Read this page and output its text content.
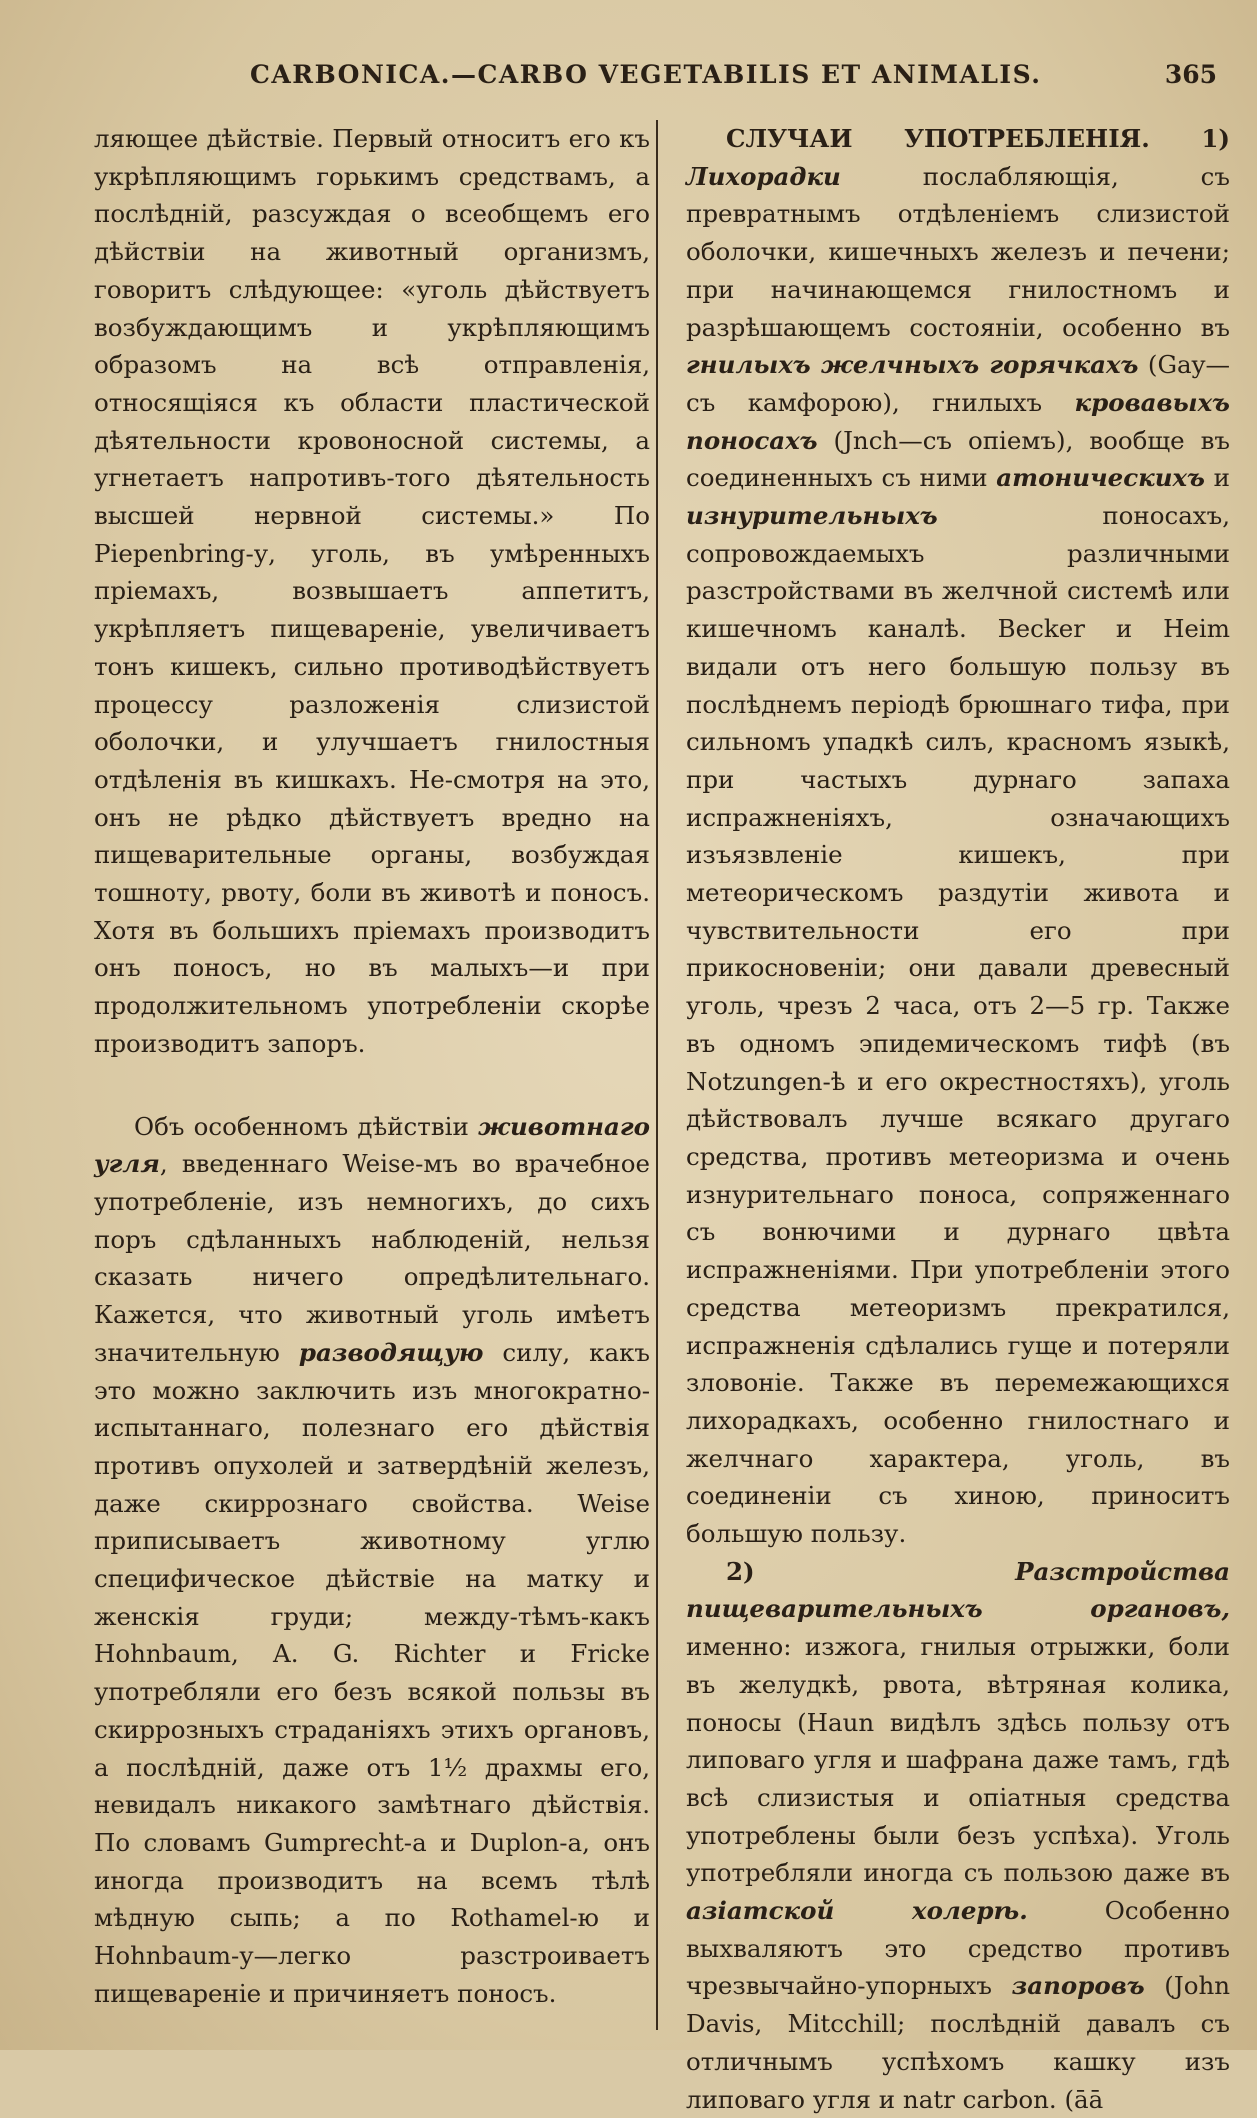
CARBONICA.—CARBO VEGETABILIS ET ANIMALIS.	365

ляющее дѣйствіе. Первый относитъ его къ укрѣпляющимъ горькимъ средствамъ, а послѣдній, разсуждая о всеобщемъ его дѣйствіи на животный организмъ, говоритъ слѣдующее: «уголь дѣйствуетъ возбуждающимъ и укрѣпляющимъ образомъ на всѣ отправленія, относящіяся къ области пластической дѣятельности кровоносной системы, а угнетаетъ напротивъ-того дѣятельность высшей нервной системы.» По Piepenbring-у, уголь, въ умѣренныхъ пріемахъ, возвышаетъ аппетитъ, укрѣпляетъ пищевареніе, увеличиваетъ тонъ кишекъ, сильно противодѣйствуетъ процессу разложенія слизистой оболочки, и улучшаетъ гнилостныя отдѣленія въ кишкахъ. Не-смотря на это, онъ не рѣдко дѣйствуетъ вредно на пищеварительные органы, возбуждая тошноту, рвоту, боли въ животѣ и поносъ. Хотя въ большихъ пріемахъ производитъ онъ поносъ, но въ малыхъ—и при продолжительномъ употребленіи скорѣе производитъ запоръ.

Объ особенномъ дѣйствіи животнаго угля, введеннаго Weise-мъ во врачебное употребленіе, изъ немногихъ, до сихъ поръ сдѣланныхъ наблюденій, нельзя сказать ничего опредѣлительнаго. Кажется, что животный уголь имѣетъ значительную разводящую силу, какъ это можно заключить изъ многократно-испытаннаго, полезнаго его дѣйствія противъ опухолей и затвердѣній железъ, даже скиррознаго свойства. Weise приписываетъ животному углю специфическое дѣйствіе на матку и женскія груди; между-тѣмъ-какъ Hohnbaum, A. G. Richter и Fricke употребляли его безъ всякой пользы въ скиррозныхъ страданіяхъ этихъ органовъ, а послѣдній, даже отъ 1½ драхмы его, невидалъ никакого замѣтнаго дѣйствія. По словамъ Gumprecht-а и Duplon-а, онъ иногда производитъ на всемъ тѣлѣ мѣдную сыпь; а по Rothamel-ю и Hohnbaum-у—легко разстроиваетъ пищевареніе и причиняетъ поносъ.

СЛУЧАИ УПОТРЕБЛЕНІЯ. 1) Лихорадки послабляющія, съ превратнымъ отдѣленіемъ слизистой оболочки, кишечныхъ железъ и печени; при начинающемся гнилостномъ и разрѣшающемъ состояніи, особенно въ гнилыхъ желчныхъ горячкахъ (Gay—съ камфорою), гнилыхъ кровавыхъ поносахъ (Jnch—съ опіемъ), вообще въ соединенныхъ съ ними атоническихъ и изнурительныхъ поносахъ, сопровождаемыхъ различными разстройствами въ желчной системѣ или кишечномъ каналѣ. Becker и Heim видали отъ него большую пользу въ послѣднемъ періодѣ брюшнаго тифа, при сильномъ упадкѣ силъ, красномъ языкѣ, при частыхъ дурнаго запаха испражненіяхъ, означающихъ изъязвленіе кишекъ, при метеорическомъ раздутіи живота и чувствительности его при прикосновеніи; они давали древесный уголь, чрезъ 2 часа, отъ 2—5 гр. Также въ одномъ эпидемическомъ тифѣ (въ Notzungen-ѣ и его окрестностяхъ), уголь дѣйствовалъ лучше всякаго другаго средства, противъ метеоризма и очень изнурительнаго поноса, сопряженнаго съ вонючими и дурнаго цвѣта испражненіями. При употребленіи этого средства метеоризмъ прекратился, испражненія сдѣлались гуще и потеряли зловоніе. Также въ перемежающихся лихорадкахъ, особенно гнилостнаго и желчнаго характера, уголь, въ соединеніи съ хиною, приноситъ большую пользу.

2) Разстройства пищеварительныхъ органовъ, именно: изжога, гнилыя отрыжки, боли въ желудкѣ, рвота, вѣтряная колика, поносы (Haun видѣлъ здѣсь пользу отъ липоваго угля и шафрана даже тамъ, гдѣ всѣ слизистыя и опіатныя средства употреблены были безъ успѣха). Уголь употребляли иногда съ пользою даже въ азіатской холерѣ. Особенно выхваляютъ это средство противъ чрезвычайно-упорныхъ запоровъ (John Davis, Mitcchill; послѣдній давалъ съ отличнымъ успѣхомъ кашку изъ липоваго угля и natr carbon. (āā
